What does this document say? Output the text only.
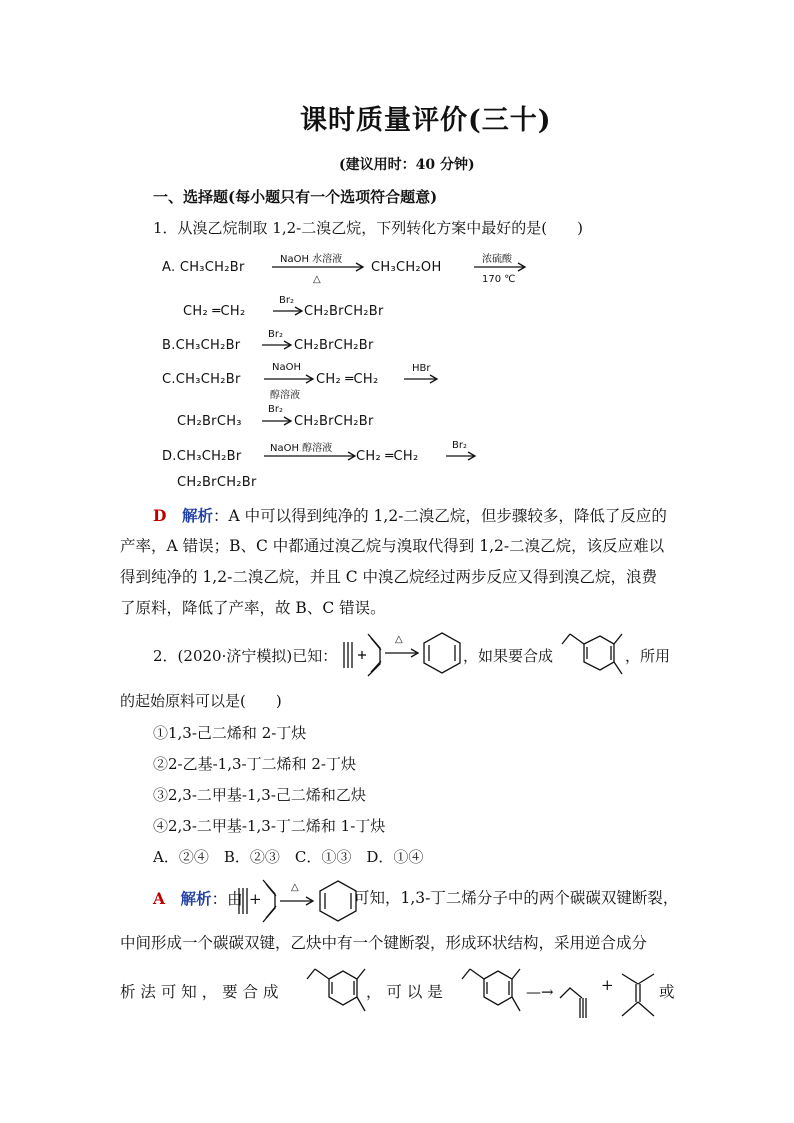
课时质量评价(三十)
(建议用时：40 分钟)
一、选择题(每小题只有一个选项符合题意)
1．从溴乙烷制取 1,2-二溴乙烷，下列转化方案中最好的是(　　)
A. CH₃CH₂Br
NaOH 水溶液
△
CH₃CH₂OH
浓硫酸
170 ℃
CH₂ ═CH₂
Br₂
CH₂BrCH₂Br
B.CH₃CH₂Br
Br₂
CH₂BrCH₂Br
C.CH₃CH₂Br
NaOH
醇溶液
CH₂ ═CH₂
HBr
CH₂BrCH₃
Br₂
CH₂BrCH₂Br
D.CH₃CH₂Br
NaOH 醇溶液
CH₂ ═CH₂
Br₂
CH₂BrCH₂Br
D　 解析：A 中可以得到纯净的 1,2-二溴乙烷，但步骤较多，降低了反应的
产率，A 错误；B、C 中都通过溴乙烷与溴取代得到 1,2-二溴乙烷，该反应难以
得到纯净的 1,2-二溴乙烷，并且 C 中溴乙烷经过两步反应又得到溴乙烷，浪费
了原料，降低了产率，故 B、C 错误。
2．(2020·济宁模拟)已知：
△
，如果要合成	，所用
的起始原料可以是(　　)
①1,3-己二烯和 2-丁炔
②2-乙基-1,3-丁二烯和 2-丁炔
③2,3-二甲基-1,3-己二烯和乙炔
④2,3-二甲基-1,3-丁二烯和 1-丁炔
A．②④　B．②③　C．①③　D．①④
A　 解析：由 +
△
可知，1,3-丁二烯分子中的两个碳碳双键断裂，
中间形成一个碳碳双键，乙炔中有一个键断裂，形成环状结构，采用逆合成分
析 法 可 知 ， 要 合 成	， 可 以 是	—→	+	或
